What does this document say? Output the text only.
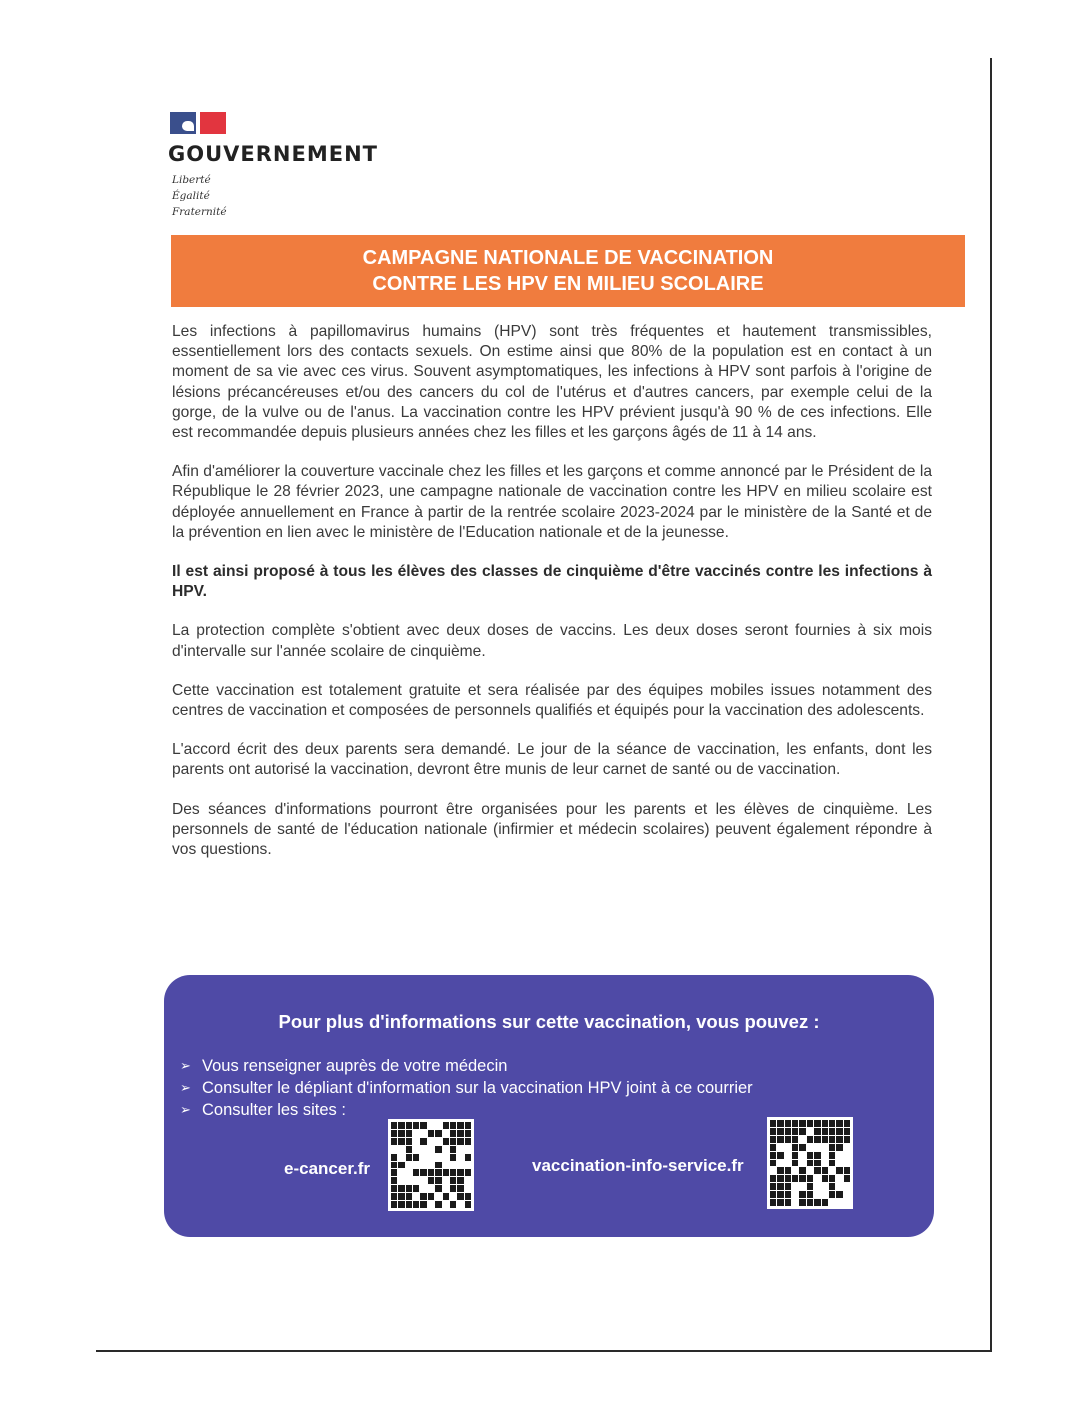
GOUVERNEMENT
Liberté
Égalité
Fraternité
CAMPAGNE NATIONALE DE VACCINATION
CONTRE LES HPV EN MILIEU SCOLAIRE

Les infections à papillomavirus humains (HPV) sont très fréquentes et hautement transmissibles, essentiellement lors des contacts sexuels. On estime ainsi que 80% de la population est en contact à un moment de sa vie avec ces virus. Souvent asymptomatiques, les infections à HPV sont parfois à l'origine de lésions précancéreuses et/ou des cancers du col de l'utérus et d'autres cancers, par exemple celui de la gorge, de la vulve ou de l'anus. La vaccination contre les HPV prévient jusqu'à 90 % de ces infections. Elle est recommandée depuis plusieurs années chez les filles et les garçons âgés de 11 à 14 ans.

Afin d'améliorer la couverture vaccinale chez les filles et les garçons et comme annoncé par le Président de la République le 28 février 2023, une campagne nationale de vaccination contre les HPV en milieu scolaire est déployée annuellement en France à partir de la rentrée scolaire 2023-2024 par le ministère de la Santé et de la prévention en lien avec le ministère de l'Education nationale et de la jeunesse.

Il est ainsi proposé à tous les élèves des classes de cinquième d'être vaccinés contre les infections à HPV.

La protection complète s'obtient avec deux doses de vaccins. Les deux doses seront fournies à six mois d'intervalle sur l'année scolaire de cinquième.

Cette vaccination est totalement gratuite et sera réalisée par des équipes mobiles issues notamment des centres de vaccination et composées de personnels qualifiés et équipés pour la vaccination des adolescents.

L'accord écrit des deux parents sera demandé. Le jour de la séance de vaccination, les enfants, dont les parents ont autorisé la vaccination, devront être munis de leur carnet de santé ou de vaccination.

Des séances d'informations pourront être organisées pour les parents et les élèves de cinquième. Les personnels de santé de l'éducation nationale (infirmier et médecin scolaires) peuvent également répondre à vos questions.

Pour plus d'informations sur cette vaccination, vous pouvez :
➢ Vous renseigner auprès de votre médecin
➢ Consulter le dépliant d'information sur la vaccination HPV joint à ce courrier
➢ Consulter les sites :
e-cancer.fr	vaccination-info-service.fr
